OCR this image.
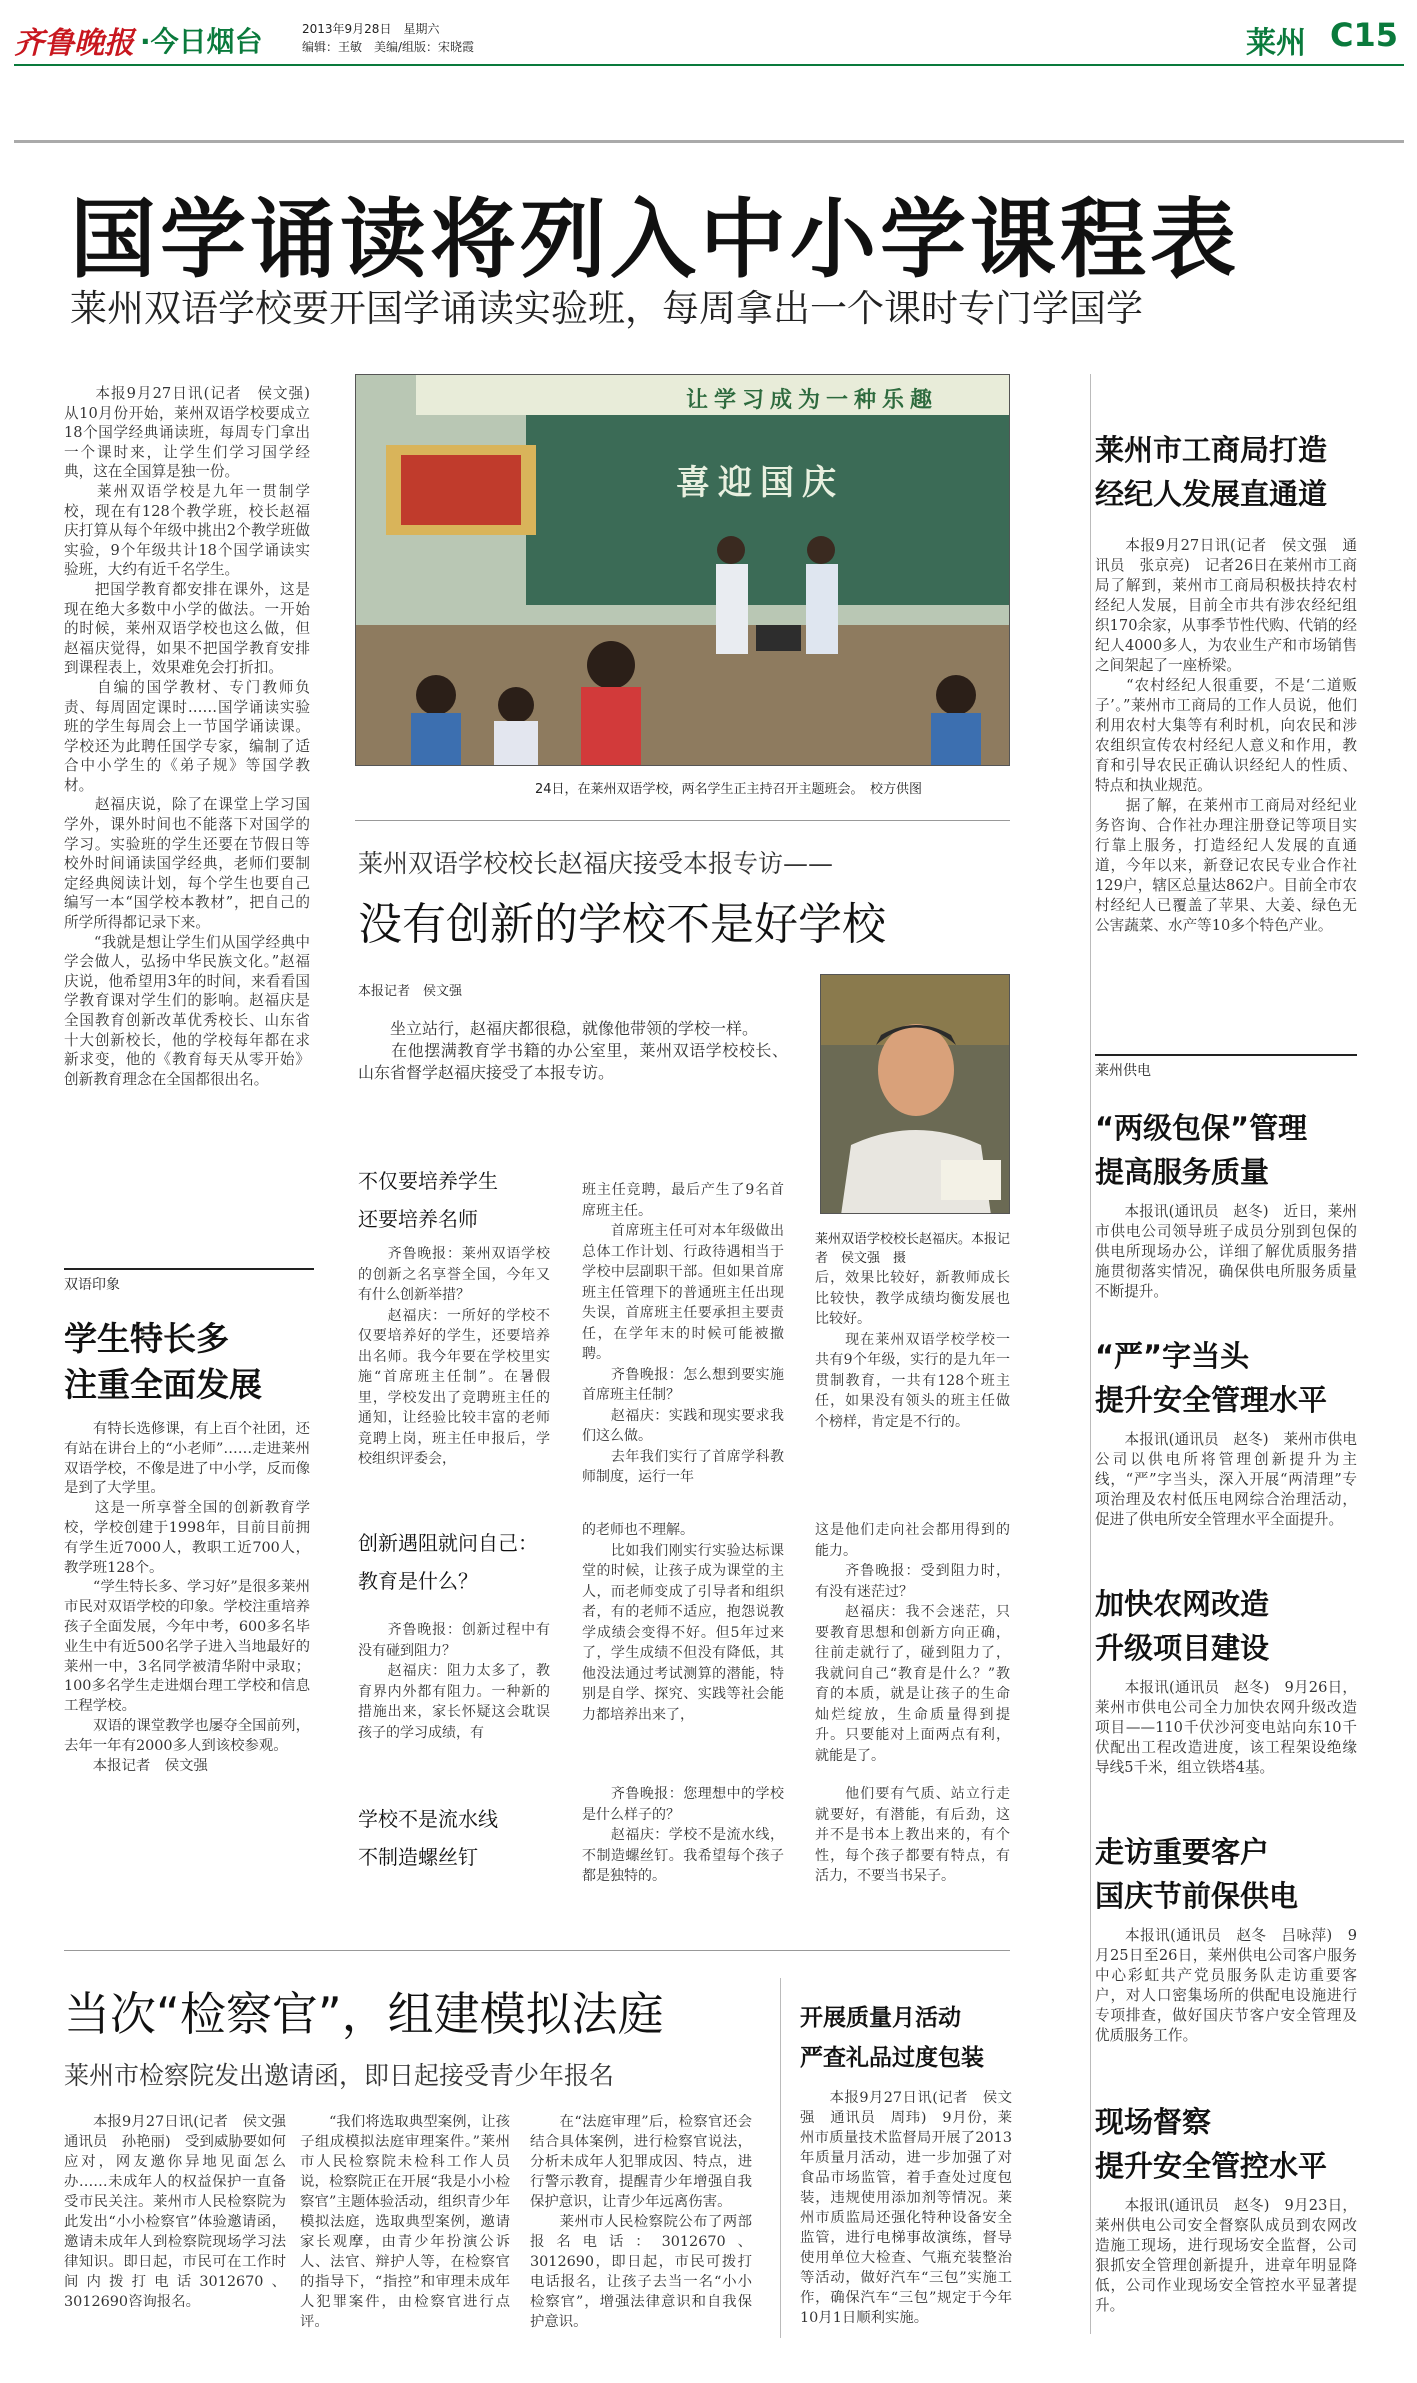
齐鲁晚报 ·今日烟台	2013年9月28日　星期六
编辑：王敏　美编/组版：宋晓霞	莱州 C15
国学诵读将列入中小学课程表
莱州双语学校要开国学诵读实验班，每周拿出一个课时专门学国学
　　本报9月27日讯(记者　侯文强)　从10月份开始，莱州双语学校要成立18个国学经典诵读班，每周专门拿出一个课时来，让学生们学习国学经典，这在全国算是独一份。
　　莱州双语学校是九年一贯制学校，现在有128个教学班，校长赵福庆打算从每个年级中挑出2个教学班做实验，9个年级共计18个国学诵读实验班，大约有近千名学生。
　　把国学教育都安排在课外，这是现在绝大多数中小学的做法。一开始的时候，莱州双语学校也这么做，但赵福庆觉得，如果不把国学教育安排到课程表上，效果难免会打折扣。
　　自编的国学教材、专门教师负责、每周固定课时……国学诵读实验班的学生每周会上一节国学诵读课。学校还为此聘任国学专家，编制了适合中小学生的《弟子规》等国学教材。
　　赵福庆说，除了在课堂上学习国学外，课外时间也不能落下对国学的学习。实验班的学生还要在节假日等校外时间诵读国学经典，老师们要制定经典阅读计划，每个学生也要自己编写一本“国学校本教材”，把自己的所学所得都记录下来。
　　“我就是想让学生们从国学经典中学会做人，弘扬中华民族文化。”赵福庆说，他希望用3年的时间，来看看国学教育课对学生们的影响。赵福庆是全国教育创新改革优秀校长、山东省十大创新校长，他的学校每年都在求新求变，他的《教育每天从零开始》创新教育理念在全国都很出名。
让学习成为一种乐趣
喜迎国庆
24日，在莱州双语学校，两名学生正主持召开主题班会。　校方供图
莱州双语学校校长赵福庆接受本报专访——
没有创新的学校不是好学校
本报记者　侯文强
　　坐立站行，赵福庆都很稳，就像他带领的学校一样。
　　在他摆满教育学书籍的办公室里，莱州双语学校校长、山东省督学赵福庆接受了本报专访。
莱州双语学校校长赵福庆。本报记者　侯文强　摄
不仅要培养学生
还要培养名师
　　齐鲁晚报：莱州双语学校的创新之名享誉全国，今年又有什么创新举措？
　　赵福庆：一所好的学校不仅要培养好的学生，还要培养出名师。我今年要在学校里实施“首席班主任制”。在暑假里，学校发出了竞聘班主任的通知，让经验比较丰富的老师竞聘上岗，班主任申报后，学校组织评委会，
班主任竞聘，最后产生了9名首席班主任。
　　首席班主任可对本年级做出总体工作计划、行政待遇相当于学校中层副职干部。但如果首席班主任管理下的普通班主任出现失误，首席班主任要承担主要责任，在学年末的时候可能被撤聘。
　　齐鲁晚报：怎么想到要实施首席班主任制？
　　赵福庆：实践和现实要求我们这么做。
　　去年我们实行了首席学科教师制度，运行一年
后，效果比较好，新教师成长比较快，教学成绩均衡发展也比较好。
　　现在莱州双语学校学校一共有9个年级，实行的是九年一贯制教育，一共有128个班主任，如果没有领头的班主任做个榜样，肯定是不行的。
创新遇阻就问自己：
教育是什么？
　　齐鲁晚报：创新过程中有没有碰到阻力？
　　赵福庆：阻力太多了，教育界内外都有阻力。一种新的措施出来，家长怀疑这会耽误孩子的学习成绩，有
的老师也不理解。
　　比如我们刚实行实验达标课堂的时候，让孩子成为课堂的主人，而老师变成了引导者和组织者，有的老师不适应，抱怨说教学成绩会变得不好。但5年过来了，学生成绩不但没有降低，其他没法通过考试测算的潜能，特别是自学、探究、实践等社会能力都培养出来了，
这是他们走向社会都用得到的能力。
　　齐鲁晚报：受到阻力时，有没有迷茫过？
　　赵福庆：我不会迷茫，只要教育思想和创新方向正确，往前走就行了，碰到阻力了，我就问自己“教育是什么？”教育的本质，就是让孩子的生命灿烂绽放，生命质量得到提升。只要能对上面两点有利，就能是了。
学校不是流水线
不制造螺丝钉
　　齐鲁晚报：您理想中的学校是什么样子的？
　　赵福庆：学校不是流水线，不制造螺丝钉。我希望每个孩子都是独特的。
　　他们要有气质、站立行走就要好，有潜能，有后劲，这并不是书本上教出来的，有个性，每个孩子都要有特点，有活力，不要当书呆子。
双语印象
学生特长多
注重全面发展
　　有特长选修课，有上百个社团，还有站在讲台上的“小老师”……走进莱州双语学校，不像是进了中小学，反而像是到了大学里。
　　这是一所享誉全国的创新教育学校，学校创建于1998年，目前目前拥有学生近7000人，教职工近700人，教学班128个。
　　“学生特长多、学习好”是很多莱州市民对双语学校的印象。学校注重培养孩子全面发展，今年中考，600多名毕业生中有近500名学子进入当地最好的莱州一中，3名同学被清华附中录取；100多名学生走进烟台理工学校和信息工程学校。
　　双语的课堂教学也屡夺全国前列，去年一年有2000多人到该校参观。
　　本报记者　侯文强
莱州市工商局打造
经纪人发展直通道
　　本报9月27日讯(记者　侯文强　通讯员　张京亮)　记者26日在莱州市工商局了解到，莱州市工商局积极扶持农村经纪人发展，目前全市共有涉农经纪组织170余家，从事季节性代购、代销的经纪人4000多人，为农业生产和市场销售之间架起了一座桥梁。
　　“农村经纪人很重要，不是‘二道贩子’。”莱州市工商局的工作人员说，他们利用农村大集等有利时机，向农民和涉农组织宣传农村经纪人意义和作用，教育和引导农民正确认识经纪人的性质、特点和执业规范。
　　据了解，在莱州市工商局对经纪业务咨询、合作社办理注册登记等项目实行靠上服务，打造经纪人发展的直通道，今年以来，新登记农民专业合作社129户，辖区总量达862户。目前全市农村经纪人已覆盖了苹果、大姜、绿色无公害蔬菜、水产等10多个特色产业。
莱州供电
“两级包保”管理
提高服务质量
　　本报讯(通讯员　赵冬)　近日，莱州市供电公司领导班子成员分别到包保的供电所现场办公，详细了解优质服务措施贯彻落实情况，确保供电所服务质量不断提升。
“严”字当头
提升安全管理水平
　　本报讯(通讯员　赵冬)　莱州市供电公司以供电所将管理创新提升为主线，“严”字当头，深入开展“两清理”专项治理及农村低压电网综合治理活动，促进了供电所安全管理水平全面提升。
加快农网改造
升级项目建设
　　本报讯(通讯员　赵冬)　9月26日，莱州市供电公司全力加快农网升级改造项目——110千伏沙河变电站向东10千伏配出工程改造进度，该工程架设绝缘导线5千米，组立铁塔4基。
走访重要客户
国庆节前保供电
　　本报讯(通讯员　赵冬　吕咏萍)　9月25日至26日，莱州供电公司客户服务中心彩虹共产党员服务队走访重要客户，对人口密集场所的供配电设施进行专项排查，做好国庆节客户安全管理及优质服务工作。
现场督察
提升安全管控水平
　　本报讯(通讯员　赵冬)　9月23日，莱州供电公司安全督察队成员到农网改造施工现场，进行现场安全监督，公司狠抓安全管理创新提升，进章年明显降低，公司作业现场安全管控水平显著提升。
当次“检察官”，组建模拟法庭
莱州市检察院发出邀请函，即日起接受青少年报名
　　本报9月27日讯(记者　侯文强　通讯员　孙艳丽)　受到威胁要如何应对，网友邀你异地见面怎么办……未成年人的权益保护一直备受市民关注。莱州市人民检察院为此发出“小小检察官”体验邀请函，邀请未成年人到检察院现场学习法律知识。即日起，市民可在工作时间内拨打电话3012670、3012690咨询报名。
　　“我们将选取典型案例，让孩子组成模拟法庭审理案件。”莱州市人民检察院未检科工作人员说，检察院正在开展“我是小小检察官”主题体验活动，组织青少年模拟法庭，选取典型案例，邀请家长观摩，由青少年扮演公诉人、法官、辩护人等，在检察官的指导下，“指控”和审理未成年人犯罪案件，由检察官进行点评。
　　在“法庭审理”后，检察官还会结合具体案例，进行检察官说法，分析未成年人犯罪成因、特点，进行警示教育，提醒青少年增强自我保护意识，让青少年远离伤害。
　　莱州市人民检察院公布了两部报名电话：3012670、3012690，即日起，市民可拨打电话报名，让孩子去当一名“小小检察官”，增强法律意识和自我保护意识。
开展质量月活动
严查礼品过度包装
　　本报9月27日讯(记者　侯文强　通讯员　周玮)　9月份，莱州市质量技术监督局开展了2013年质量月活动，进一步加强了对食品市场监管，着手查处过度包装，违规使用添加剂等情况。莱州市质监局还强化特种设备安全监管，进行电梯事故演练，督导使用单位大检查、气瓶充装整治等活动，做好汽车“三包”实施工作，确保汽车“三包”规定于今年10月1日顺利实施。
